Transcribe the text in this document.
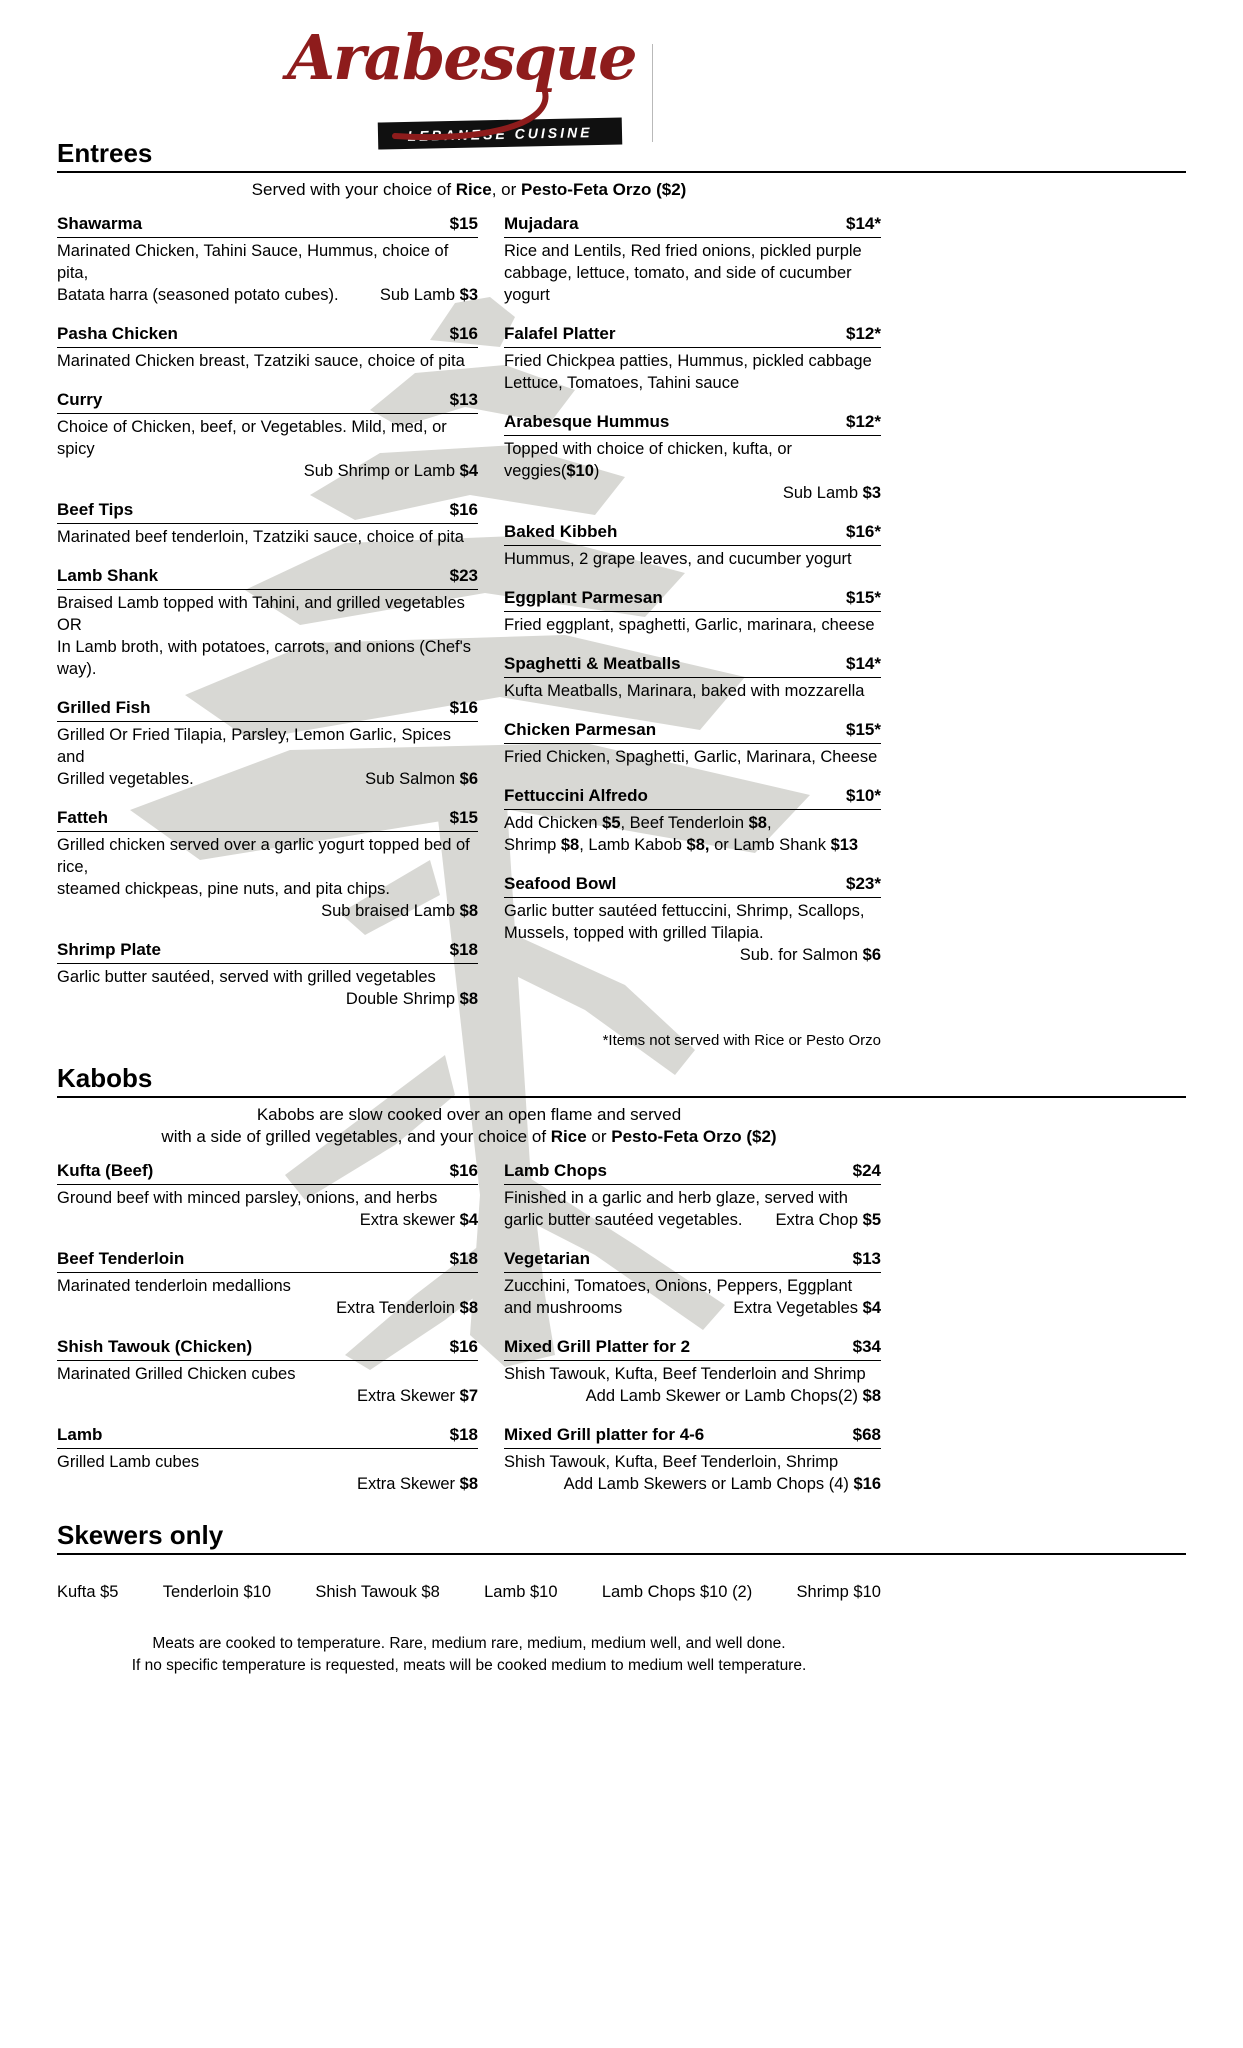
Arabesque
LEBANESE CUISINE
Entrees
Served with your choice of Rice, or Pesto-Feta Orzo ($2)
Shawarma	$15
Marinated Chicken, Tahini Sauce, Hummus, choice of pita,
Batata harra (seasoned potato cubes).	Sub Lamb $3
Pasha Chicken	$16
Marinated Chicken breast, Tzatziki sauce, choice of pita
Curry	$13
Choice of Chicken, beef, or Vegetables. Mild, med, or spicy
Sub Shrimp or Lamb $4
Beef Tips	$16
Marinated beef tenderloin, Tzatziki sauce, choice of pita
Lamb Shank	$23
Braised Lamb topped with Tahini, and grilled vegetables OR
In Lamb broth, with potatoes, carrots, and onions (Chef's way).
Grilled Fish	$16
Grilled Or Fried Tilapia, Parsley, Lemon Garlic, Spices and
Grilled vegetables.	Sub Salmon $6
Fatteh	$15
Grilled chicken served over a garlic yogurt topped bed of rice,
steamed chickpeas, pine nuts, and pita chips.
Sub braised Lamb $8
Shrimp Plate	$18
Garlic butter sautéed, served with grilled vegetables
Double Shrimp $8
Mujadara	$14*
Rice and Lentils, Red fried onions, pickled purple
cabbage, lettuce, tomato, and side of cucumber yogurt
Falafel Platter	$12*
Fried Chickpea patties, Hummus, pickled cabbage
Lettuce, Tomatoes, Tahini sauce
Arabesque Hummus	$12*
Topped with choice of chicken, kufta, or veggies($10)
Sub Lamb $3
Baked Kibbeh	$16*
Hummus, 2 grape leaves, and cucumber yogurt
Eggplant Parmesan	$15*
Fried eggplant, spaghetti, Garlic, marinara, cheese
Spaghetti & Meatballs	$14*
Kufta Meatballs, Marinara, baked with mozzarella
Chicken Parmesan	$15*
Fried Chicken, Spaghetti, Garlic, Marinara, Cheese
Fettuccini Alfredo	$10*
Add Chicken $5, Beef Tenderloin $8,
Shrimp $8, Lamb Kabob $8, or Lamb Shank $13
Seafood Bowl	$23*
Garlic butter sautéed fettuccini, Shrimp, Scallops,
Mussels, topped with grilled Tilapia.
Sub. for Salmon $6
*Items not served with Rice or Pesto Orzo
Kabobs
Kabobs are slow cooked over an open flame and served
with a side of grilled vegetables, and your choice of Rice or Pesto-Feta Orzo ($2)
Kufta (Beef)	$16
Ground beef with minced parsley, onions, and herbs
Extra skewer $4
Beef Tenderloin	$18
Marinated tenderloin medallions
Extra Tenderloin $8
Shish Tawouk (Chicken)	$16
Marinated Grilled Chicken cubes
Extra Skewer $7
Lamb	$18
Grilled Lamb cubes
Extra Skewer $8
Lamb Chops	$24
Finished in a garlic and herb glaze, served with
garlic butter sautéed vegetables.	Extra Chop $5
Vegetarian	$13
Zucchini, Tomatoes, Onions, Peppers, Eggplant
and mushrooms	Extra Vegetables $4
Mixed Grill Platter for 2	$34
Shish Tawouk, Kufta, Beef Tenderloin and Shrimp
Add Lamb Skewer or Lamb Chops(2) $8
Mixed Grill platter for 4-6	$68
Shish Tawouk, Kufta, Beef Tenderloin, Shrimp
Add Lamb Skewers or Lamb Chops (4) $16
Skewers only
Kufta $5	Tenderloin $10	Shish Tawouk $8	Lamb $10	Lamb Chops $10 (2)	Shrimp $10
Meats are cooked to temperature. Rare, medium rare, medium, medium well, and well done.
If no specific temperature is requested, meats will be cooked medium to medium well temperature.
